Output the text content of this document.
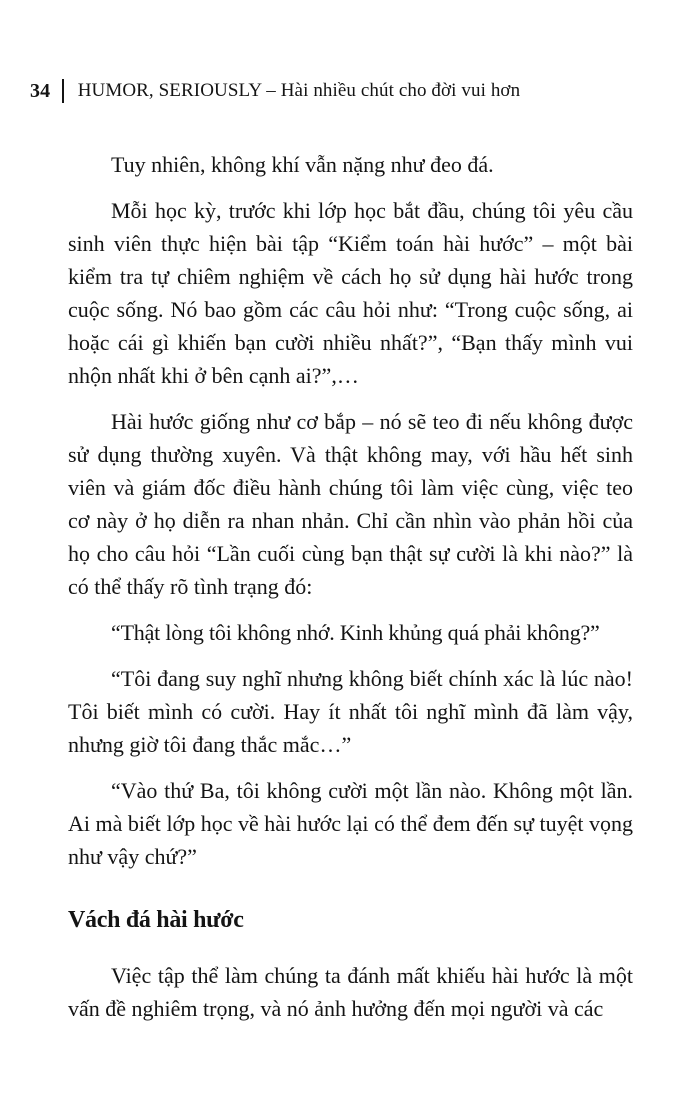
34 HUMOR, SERIOUSLY – Hài nhiều chút cho đời vui hơn

Tuy nhiên, không khí vẫn nặng như đeo đá.

Mỗi học kỳ, trước khi lớp học bắt đầu, chúng tôi yêu cầu sinh viên thực hiện bài tập “Kiểm toán hài hước” – một bài kiểm tra tự chiêm nghiệm về cách họ sử dụng hài hước trong cuộc sống. Nó bao gồm các câu hỏi như: “Trong cuộc sống, ai hoặc cái gì khiến bạn cười nhiều nhất?”, “Bạn thấy mình vui nhộn nhất khi ở bên cạnh ai?”,…

Hài hước giống như cơ bắp – nó sẽ teo đi nếu không được sử dụng thường xuyên. Và thật không may, với hầu hết sinh viên và giám đốc điều hành chúng tôi làm việc cùng, việc teo cơ này ở họ diễn ra nhan nhản. Chỉ cần nhìn vào phản hồi của họ cho câu hỏi “Lần cuối cùng bạn thật sự cười là khi nào?” là có thể thấy rõ tình trạng đó:

“Thật lòng tôi không nhớ. Kinh khủng quá phải không?”

“Tôi đang suy nghĩ nhưng không biết chính xác là lúc nào! Tôi biết mình có cười. Hay ít nhất tôi nghĩ mình đã làm vậy, nhưng giờ tôi đang thắc mắc…”

“Vào thứ Ba, tôi không cười một lần nào. Không một lần. Ai mà biết lớp học về hài hước lại có thể đem đến sự tuyệt vọng như vậy chứ?”

Vách đá hài hước

Việc tập thể làm chúng ta đánh mất khiếu hài hước là một vấn đề nghiêm trọng, và nó ảnh hưởng đến mọi người và các
